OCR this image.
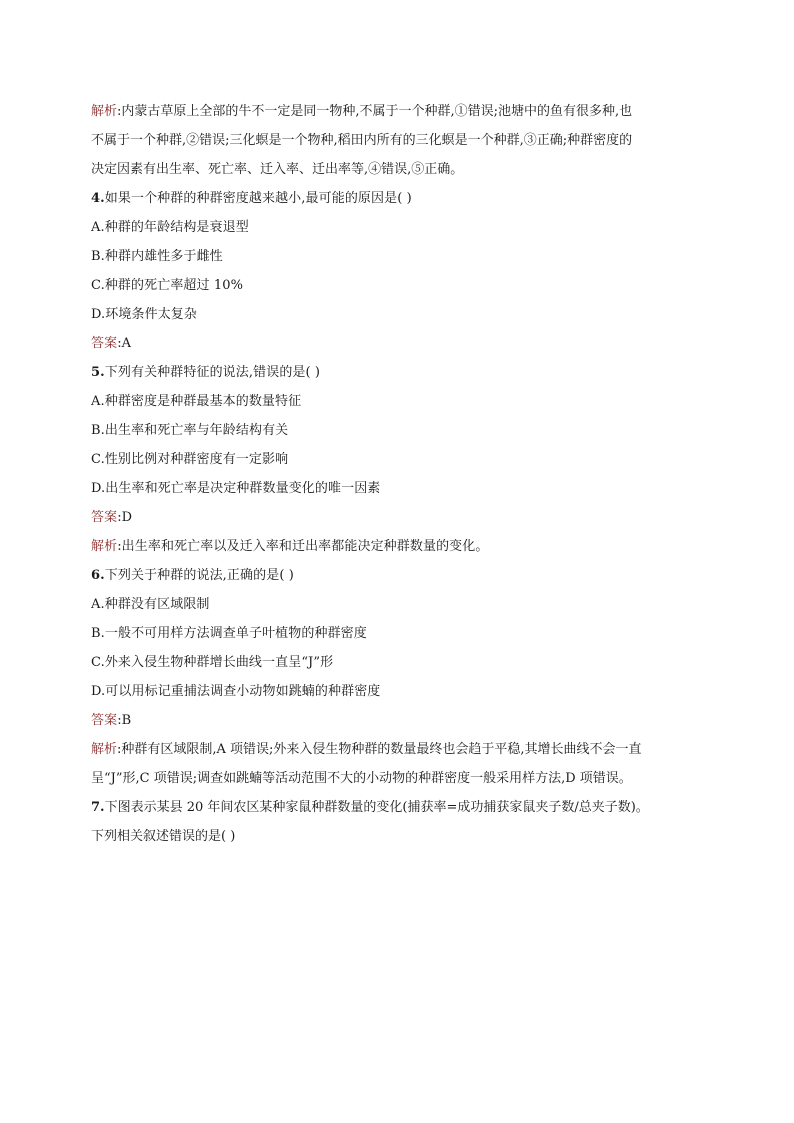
解析:内蒙古草原上全部的牛不一定是同一物种,不属于一个种群,①错误;池塘中的鱼有很多种,也
不属于一个种群,②错误;三化螟是一个物种,稻田内所有的三化螟是一个种群,③正确;种群密度的
决定因素有出生率、死亡率、迁入率、迁出率等,④错误,⑤正确。
4.如果一个种群的种群密度越来越小,最可能的原因是( )
A.种群的年龄结构是衰退型
B.种群内雄性多于雌性
C.种群的死亡率超过 10%
D.环境条件太复杂
答案:A
5.下列有关种群特征的说法,错误的是( )
A.种群密度是种群最基本的数量特征
B.出生率和死亡率与年龄结构有关
C.性别比例对种群密度有一定影响
D.出生率和死亡率是决定种群数量变化的唯一因素
答案:D
解析:出生率和死亡率以及迁入率和迁出率都能决定种群数量的变化。
6.下列关于种群的说法,正确的是( )
A.种群没有区域限制
B.一般不可用样方法调查单子叶植物的种群密度
C.外来入侵生物种群增长曲线一直呈“J”形
D.可以用标记重捕法调查小动物如跳蝻的种群密度
答案:B
解析:种群有区域限制,A 项错误;外来入侵生物种群的数量最终也会趋于平稳,其增长曲线不会一直
呈“J”形,C 项错误;调查如跳蝻等活动范围不大的小动物的种群密度一般采用样方法,D 项错误。
7.下图表示某县 20 年间农区某种家鼠种群数量的变化(捕获率=成功捕获家鼠夹子数/总夹子数)。
下列相关叙述错误的是( )
